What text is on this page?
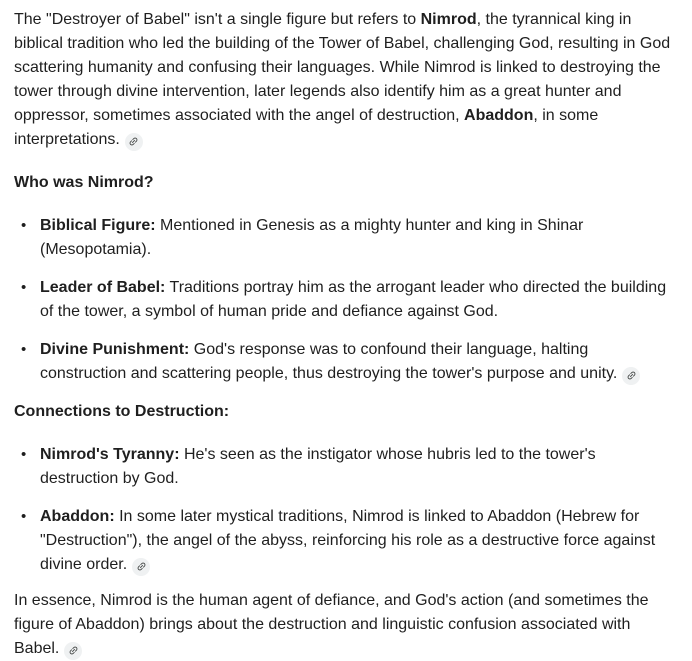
The "Destroyer of Babel" isn't a single figure but refers to Nimrod, the tyrannical king in biblical tradition who led the building of the Tower of Babel, challenging God, resulting in God scattering humanity and confusing their languages. While Nimrod is linked to destroying the tower through divine intervention, later legends also identify him as a great hunter and oppressor, sometimes associated with the angel of destruction, Abaddon, in some interpretations.

Who was Nimrod?
• Biblical Figure: Mentioned in Genesis as a mighty hunter and king in Shinar (Mesopotamia).
• Leader of Babel: Traditions portray him as the arrogant leader who directed the building of the tower, a symbol of human pride and defiance against God.
• Divine Punishment: God's response was to confound their language, halting construction and scattering people, thus destroying the tower's purpose and unity.
Connections to Destruction:
• Nimrod's Tyranny: He's seen as the instigator whose hubris led to the tower's destruction by God.
• Abaddon: In some later mystical traditions, Nimrod is linked to Abaddon (Hebrew for "Destruction"), the angel of the abyss, reinforcing his role as a destructive force against divine order.

In essence, Nimrod is the human agent of defiance, and God's action (and sometimes the figure of Abaddon) brings about the destruction and linguistic confusion associated with Babel.
